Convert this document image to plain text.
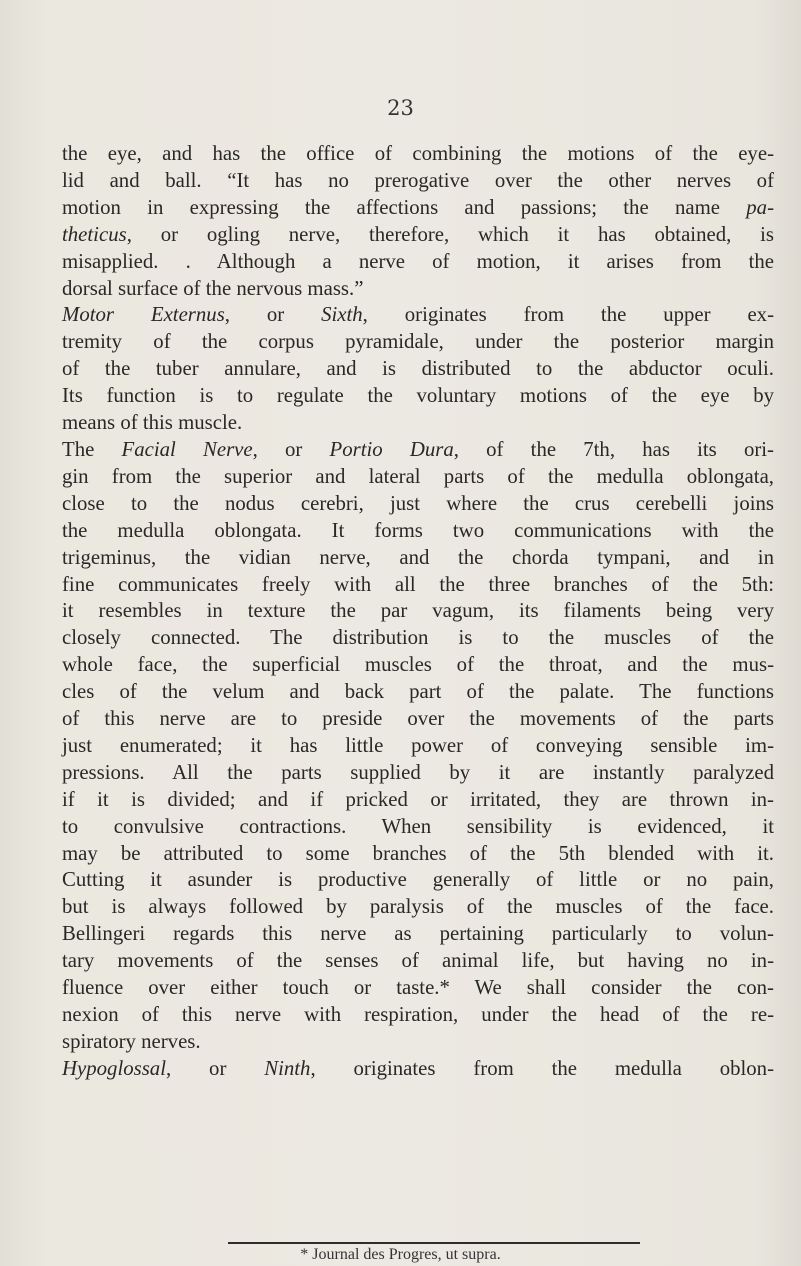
23
the eye, and has the office of combining the motions of the eye-
lid and ball. “It has no prerogative over the other nerves of
motion in expressing the affections and passions; the name pa-
theticus, or ogling nerve, therefore, which it has obtained, is
misapplied. . Although a nerve of motion, it arises from the
dorsal surface of the nervous mass.”
Motor Externus, or Sixth, originates from the upper ex-
tremity of the corpus pyramidale, under the posterior margin
of the tuber annulare, and is distributed to the abductor oculi.
Its function is to regulate the voluntary motions of the eye by
means of this muscle.
The Facial Nerve, or Portio Dura, of the 7th, has its ori-
gin from the superior and lateral parts of the medulla oblongata,
close to the nodus cerebri, just where the crus cerebelli joins
the medulla oblongata. It forms two communications with the
trigeminus, the vidian nerve, and the chorda tympani, and in
fine communicates freely with all the three branches of the 5th:
it resembles in texture the par vagum, its filaments being very
closely connected. The distribution is to the muscles of the
whole face, the superficial muscles of the throat, and the mus-
cles of the velum and back part of the palate. The functions
of this nerve are to preside over the movements of the parts
just enumerated; it has little power of conveying sensible im-
pressions. All the parts supplied by it are instantly paralyzed
if it is divided; and if pricked or irritated, they are thrown in-
to convulsive contractions. When sensibility is evidenced, it
may be attributed to some branches of the 5th blended with it.
Cutting it asunder is productive generally of little or no pain,
but is always followed by paralysis of the muscles of the face.
Bellingeri regards this nerve as pertaining particularly to volun-
tary movements of the senses of animal life, but having no in-
fluence over either touch or taste.* We shall consider the con-
nexion of this nerve with respiration, under the head of the re-
spiratory nerves.
Hypoglossal, or Ninth, originates from the medulla oblon-
* Journal des Progres, ut supra.
